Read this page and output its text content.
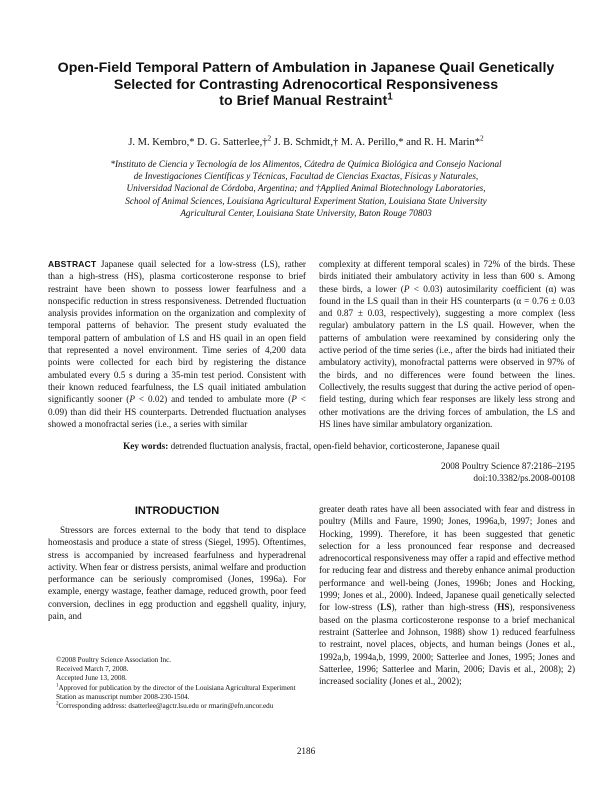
Open-Field Temporal Pattern of Ambulation in Japanese Quail Genetically
Selected for Contrasting Adrenocortical Responsiveness
to Brief Manual Restraint$^1$
J. M. Kembro,* D. G. Satterlee,†$^2$ J. B. Schmidt,† M. A. Perillo,* and R. H. Marin*$^2$
*Instituto de Ciencia y Tecnología de los Alimentos, Cátedra de Química Biológica and Consejo Nacional
de Investigaciones Científicas y Técnicas, Facultad de Ciencias Exactas, Físicas y Naturales,
Universidad Nacional de Córdoba, Argentina; and †Applied Animal Biotechnology Laboratories,
School of Animal Sciences, Louisiana Agricultural Experiment Station, Louisiana State University
Agricultural Center, Louisiana State University, Baton Rouge 70803

ABSTRACT Japanese quail selected for a low-stress (LS), rather than a high-stress (HS), plasma corticosterone response to brief restraint have been shown to possess lower fearfulness and a nonspecific reduction in stress responsiveness. Detrended fluctuation analysis provides information on the organization and complexity of temporal patterns of behavior. The present study evaluated the temporal pattern of ambulation of LS and HS quail in an open field that represented a novel environment. Time series of 4,200 data points were collected for each bird by registering the distance ambulated every 0.5 s during a 35-min test period. Consistent with their known reduced fearfulness, the LS quail initiated ambulation significantly sooner (P < 0.02) and tended to ambulate more (P < 0.09) than did their HS counterparts. Detrended fluctuation analyses showed a monofractal series (i.e., a series with similar

complexity at different temporal scales) in 72% of the birds. These birds initiated their ambulatory activity in less than 600 s. Among these birds, a lower (P < 0.03) autosimilarity coefficient (α) was found in the LS quail than in their HS counterparts (α = 0.76 ± 0.03 and 0.87 ± 0.03, respectively), suggesting a more complex (less regular) ambulatory pattern in the LS quail. However, when the patterns of ambulation were reexamined by considering only the active period of the time series (i.e., after the birds had initiated their ambulatory activity), monofractal patterns were observed in 97% of the birds, and no differences were found between the lines. Collectively, the results suggest that during the active period of open-field testing, during which fear responses are likely less strong and other motivations are the driving forces of ambulation, the LS and HS lines have similar ambulatory organization.

Key words: detrended fluctuation analysis, fractal, open-field behavior, corticosterone, Japanese quail
2008 Poultry Science 87:2186–2195
doi:10.3382/ps.2008-00108
INTRODUCTION

Stressors are forces external to the body that tend to displace homeostasis and produce a state of stress (Siegel, 1995). Oftentimes, stress is accompanied by increased fearfulness and hyperadrenal activity. When fear or distress persists, animal welfare and production performance can be seriously compromised (Jones, 1996a). For example, energy wastage, feather damage, reduced growth, poor feed conversion, declines in egg production and eggshell quality, injury, pain, and

greater death rates have all been associated with fear and distress in poultry (Mills and Faure, 1990; Jones, 1996a,b, 1997; Jones and Hocking, 1999). Therefore, it has been suggested that genetic selection for a less pronounced fear response and decreased adrenocortical responsiveness may offer a rapid and effective method for reducing fear and distress and thereby enhance animal production performance and well-being (Jones, 1996b; Jones and Hocking, 1999; Jones et al., 2000). Indeed, Japanese quail genetically selected for low-stress (LS), rather than high-stress (HS), responsiveness based on the plasma corticosterone response to a brief mechanical restraint (Satterlee and Johnson, 1988) show 1) reduced fearfulness to restraint, novel places, objects, and human beings (Jones et al., 1992a,b, 1994a,b, 1999, 2000; Satterlee and Jones, 1995; Jones and Satterlee, 1996; Satterlee and Marin, 2006; Davis et al., 2008); 2) increased sociality (Jones et al., 2002);

©2008 Poultry Science Association Inc.

Received March 7, 2008.

Accepted June 13, 2008.

$^1$Approved for publication by the director of the Louisiana Agricultural Experiment Station as manuscript number 2008-230-1504.

$^2$Corresponding address: dsatterlee@agctr.lsu.edu or rmarin@efn.uncor.edu

2186
